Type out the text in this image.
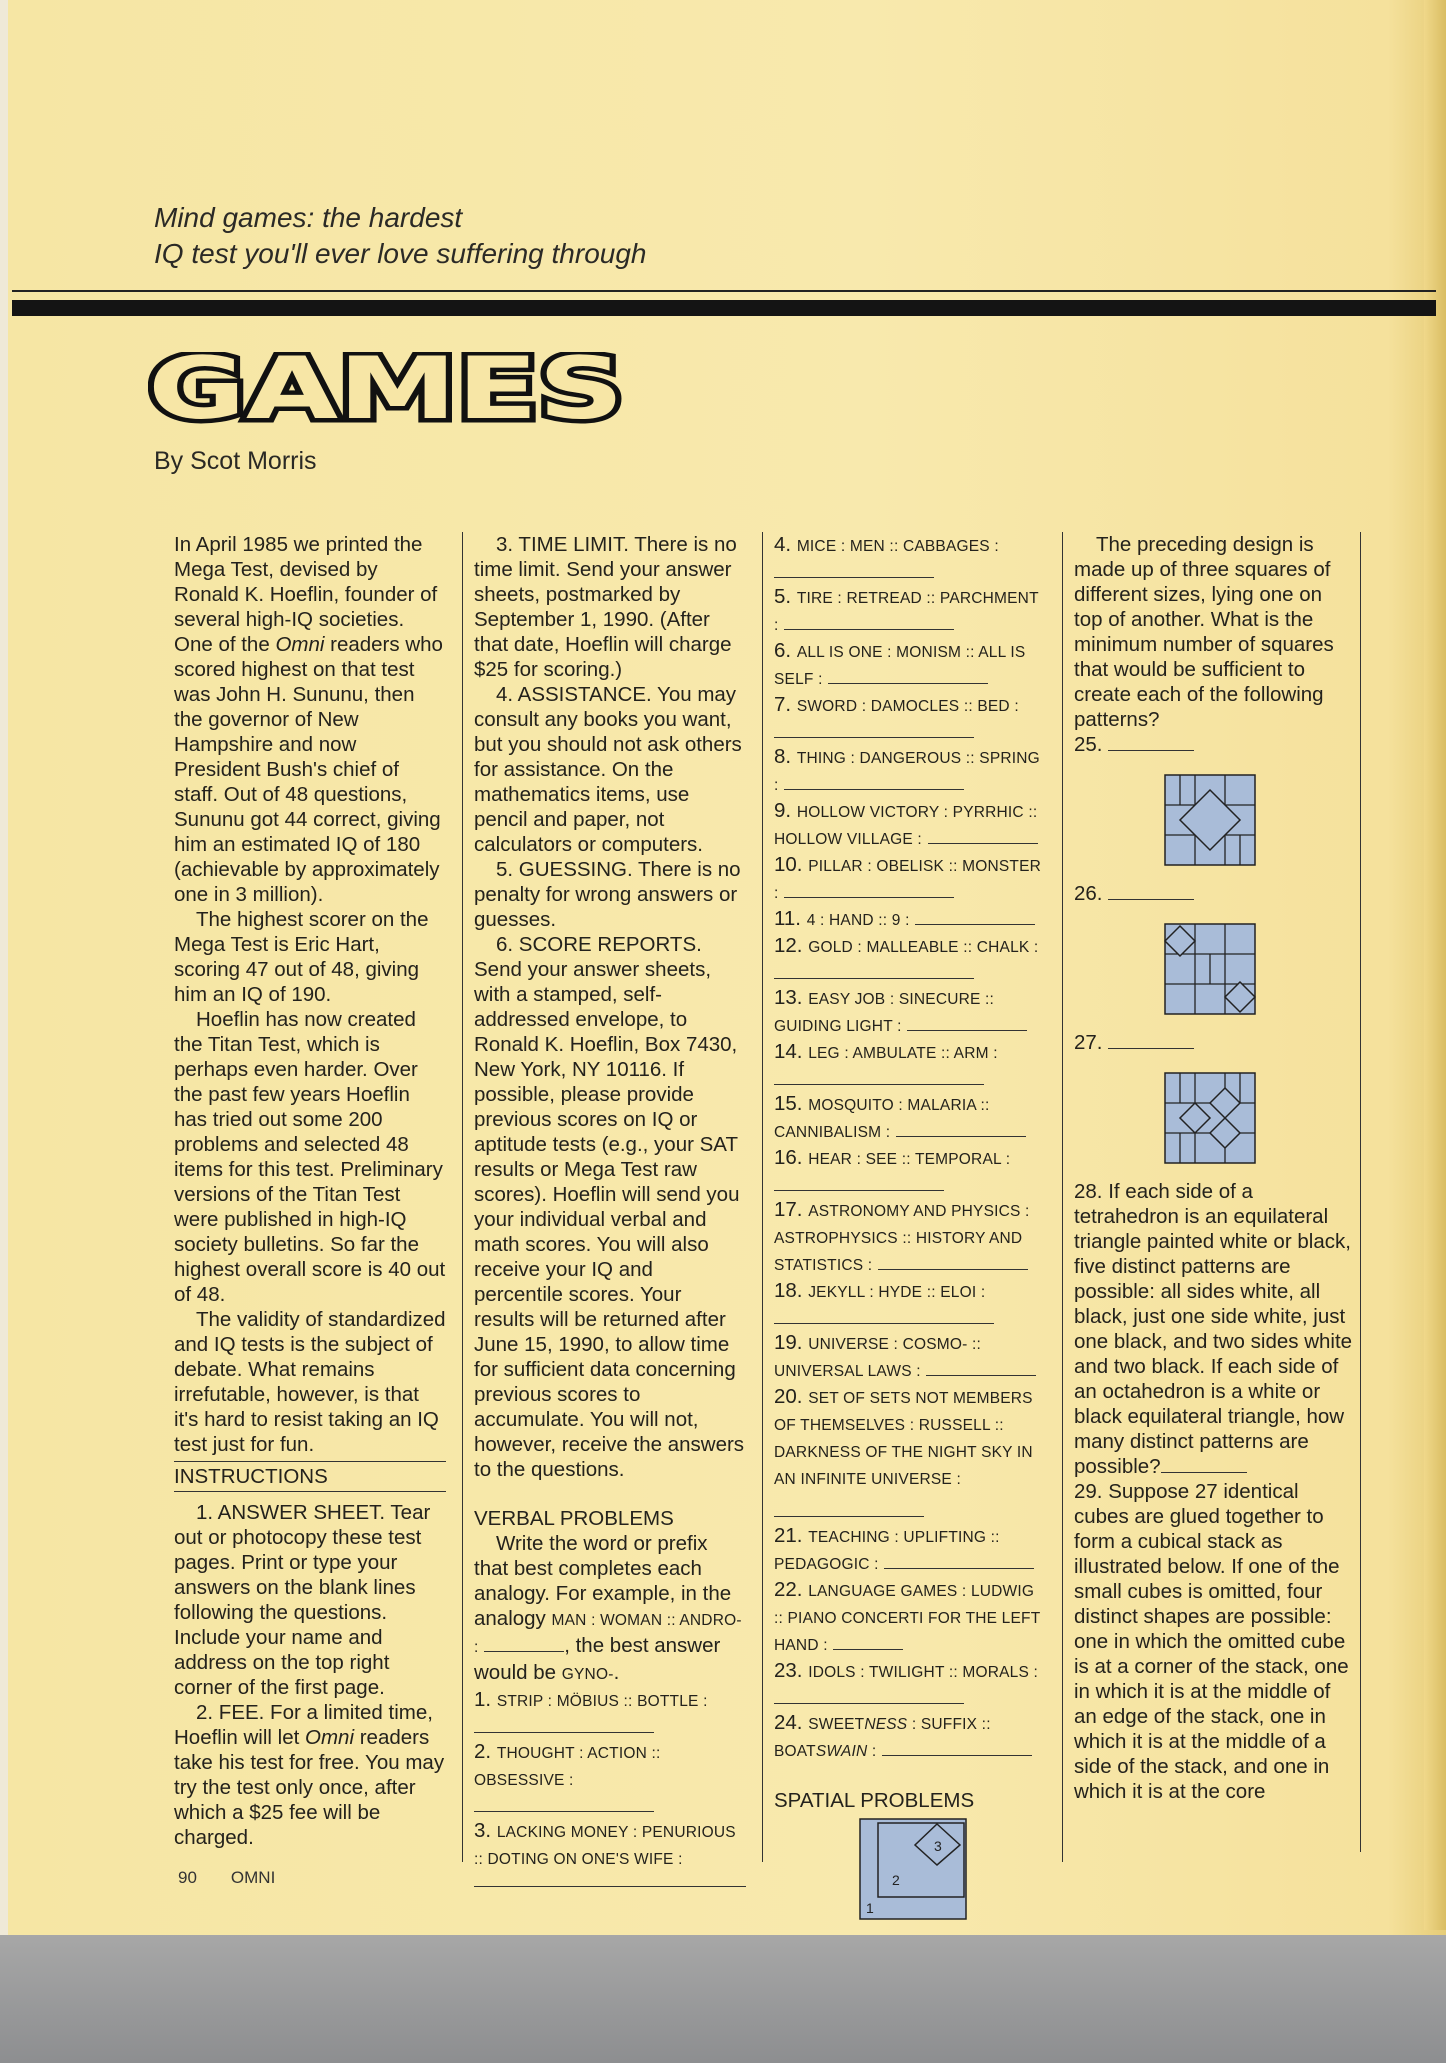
Mind games: the hardest
IQ test you'll ever love suffering through
GAMES
By Scot Morris

In April 1985 we printed the Mega Test, devised by Ronald K. Hoeflin, founder of several high-IQ societies. One of the Omni readers who scored highest on that test was John H. Sununu, then the governor of New Hampshire and now President Bush's chief of staff. Out of 48 questions, Sununu got 44 correct, giving him an estimated IQ of 180 (achievable by approximately one in 3 million).

The highest scorer on the Mega Test is Eric Hart, scoring 47 out of 48, giving him an IQ of 190.

Hoeflin has now created the Titan Test, which is perhaps even harder. Over the past few years Hoeflin has tried out some 200 problems and selected 48 items for this test. Preliminary versions of the Titan Test were published in high-IQ society bulletins. So far the highest overall score is 40 out of 48.

The validity of standardized and IQ tests is the subject of debate. What remains irrefutable, however, is that it's hard to resist taking an IQ test just for fun.

INSTRUCTIONS

1. ANSWER SHEET. Tear out or photocopy these test pages. Print or type your answers on the blank lines following the questions. Include your name and address on the top right corner of the first page.

2. FEE. For a limited time, Hoeflin will let Omni readers take his test for free. You may try the test only once, after which a $25 fee will be charged.

3. TIME LIMIT. There is no time limit. Send your answer sheets, postmarked by September 1, 1990. (After that date, Hoeflin will charge $25 for scoring.)

4. ASSISTANCE. You may consult any books you want, but you should not ask others for assistance. On the mathematics items, use pencil and paper, not calculators or computers.

5. GUESSING. There is no penalty for wrong answers or guesses.

6. SCORE REPORTS. Send your answer sheets, with a stamped, self-addressed envelope, to Ronald K. Hoeflin, Box 7430, New York, NY 10116. If possible, please provide previous scores on IQ or aptitude tests (e.g., your SAT results or Mega Test raw scores). Hoeflin will send you your individual verbal and math scores. You will also receive your IQ and percentile scores. Your results will be returned after June 15, 1990, to allow time for sufficient data concerning previous scores to accumulate. You will not, however, receive the answers to the questions.

VERBAL PROBLEMS

Write the word or prefix that best completes each analogy. For example, in the analogy MAN : WOMAN :: ANDRO- :	, the best answer would be GYNO-.

1. STRIP : MÖBIUS :: BOTTLE :
2. THOUGHT : ACTION :: OBSESSIVE :
3. LACKING MONEY : PENURIOUS :: DOTING ON ONE'S WIFE :
4. MICE : MEN :: CABBAGES :
5. TIRE : RETREAD :: PARCHMENT :
6. ALL IS ONE : MONISM :: ALL IS SELF :
7. SWORD : DAMOCLES :: BED :
8. THING : DANGEROUS :: SPRING :
9. HOLLOW VICTORY : PYRRHIC :: HOLLOW VILLAGE :
10. PILLAR : OBELISK :: MONSTER :
11. 4 : HAND :: 9 :
12. GOLD : MALLEABLE :: CHALK :
13. EASY JOB : SINECURE :: GUIDING LIGHT :
14. LEG : AMBULATE :: ARM :
15. MOSQUITO : MALARIA :: CANNIBALISM :
16. HEAR : SEE :: TEMPORAL :
17. ASTRONOMY AND PHYSICS : ASTROPHYSICS :: HISTORY AND STATISTICS :
18. JEKYLL : HYDE :: ELOI :
19. UNIVERSE : COSMO- :: UNIVERSAL LAWS :
20. SET OF SETS NOT MEMBERS OF THEMSELVES : RUSSELL :: DARKNESS OF THE NIGHT SKY IN AN INFINITE UNIVERSE :
21. TEACHING : UPLIFTING :: PEDAGOGIC :
22. LANGUAGE GAMES : LUDWIG :: PIANO CONCERTI FOR THE LEFT HAND :
23. IDOLS : TWILIGHT :: MORALS :
24. SWEETNESS : SUFFIX :: BOATSWAIN :
SPATIAL PROBLEMS
3
2
1

The preceding design is made up of three squares of different sizes, lying one on top of another. What is the minimum number of squares that would be sufficient to create each of the following patterns?

25.
26.
27.
28. If each side of a tetrahedron is an equilateral triangle painted white or black, five distinct patterns are possible: all sides white, all black, just one side white, just one black, and two sides white and two black. If each side of an octahedron is a white or black equilateral triangle, how many distinct patterns are possible?
29. Suppose 27 identical cubes are glued together to form a cubical stack as illustrated below. If one of the small cubes is omitted, four distinct shapes are possible: one in which the omitted cube is at a corner of the stack, one in which it is at the middle of an edge of the stack, one in which it is at the middle of a side of the stack, and one in which it is at the core
90 OMNI
